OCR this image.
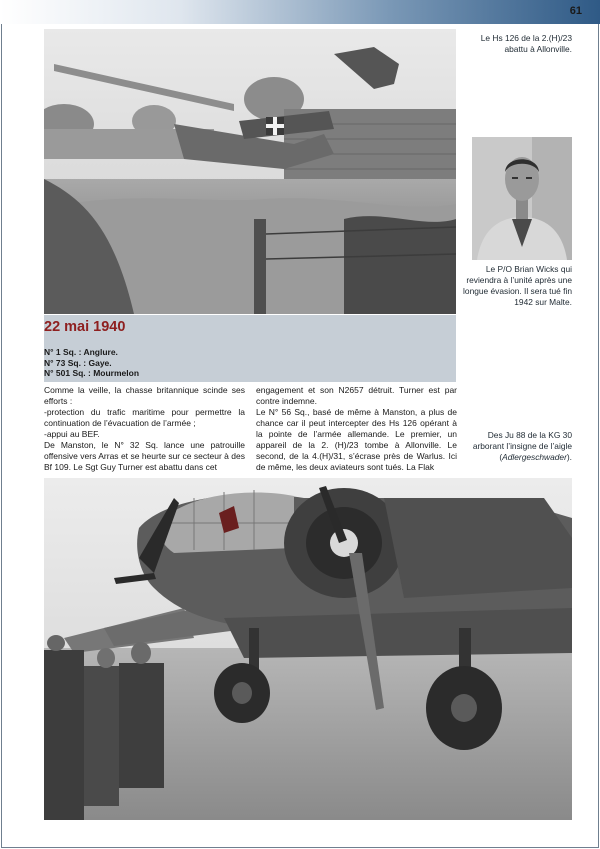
61
Le Hs 126 de la 2.(H)/23 abattu à Allonville.
Le P/O Brian Wicks qui reviendra à l’unité après une longue évasion. Il sera tué fin 1942 sur Malte.
22 mai 1940
N° 1 Sq. : Anglure.
N° 73 Sq. : Gaye.
N° 501 Sq. : Mourmelon

Comme la veille, la chasse britannique scinde ses efforts :

-protection du trafic maritime pour permettre la continuation de l’évacuation de l’armée ;

-appui au BEF.

De Manston, le N° 32 Sq. lance une patrouille offensive vers Arras et se heurte sur ce secteur à des Bf 109. Le Sgt Guy Turner est abattu dans cet

engagement et son N2657 détruit. Turner est par contre indemne.

Le N° 56 Sq., basé de même à Manston, a plus de chance car il peut intercepter des Hs 126 opérant à la pointe de l’armée allemande. Le premier, un appareil de la 2. (H)/23 tombe à Allonville. Le second, de la 4.(H)/31, s’écrase près de Warlus. Ici de même, les deux aviateurs sont tués. La Flak

Des Ju 88 de la KG 30 arborant l’insigne de l’aigle (Adlergeschwader).
